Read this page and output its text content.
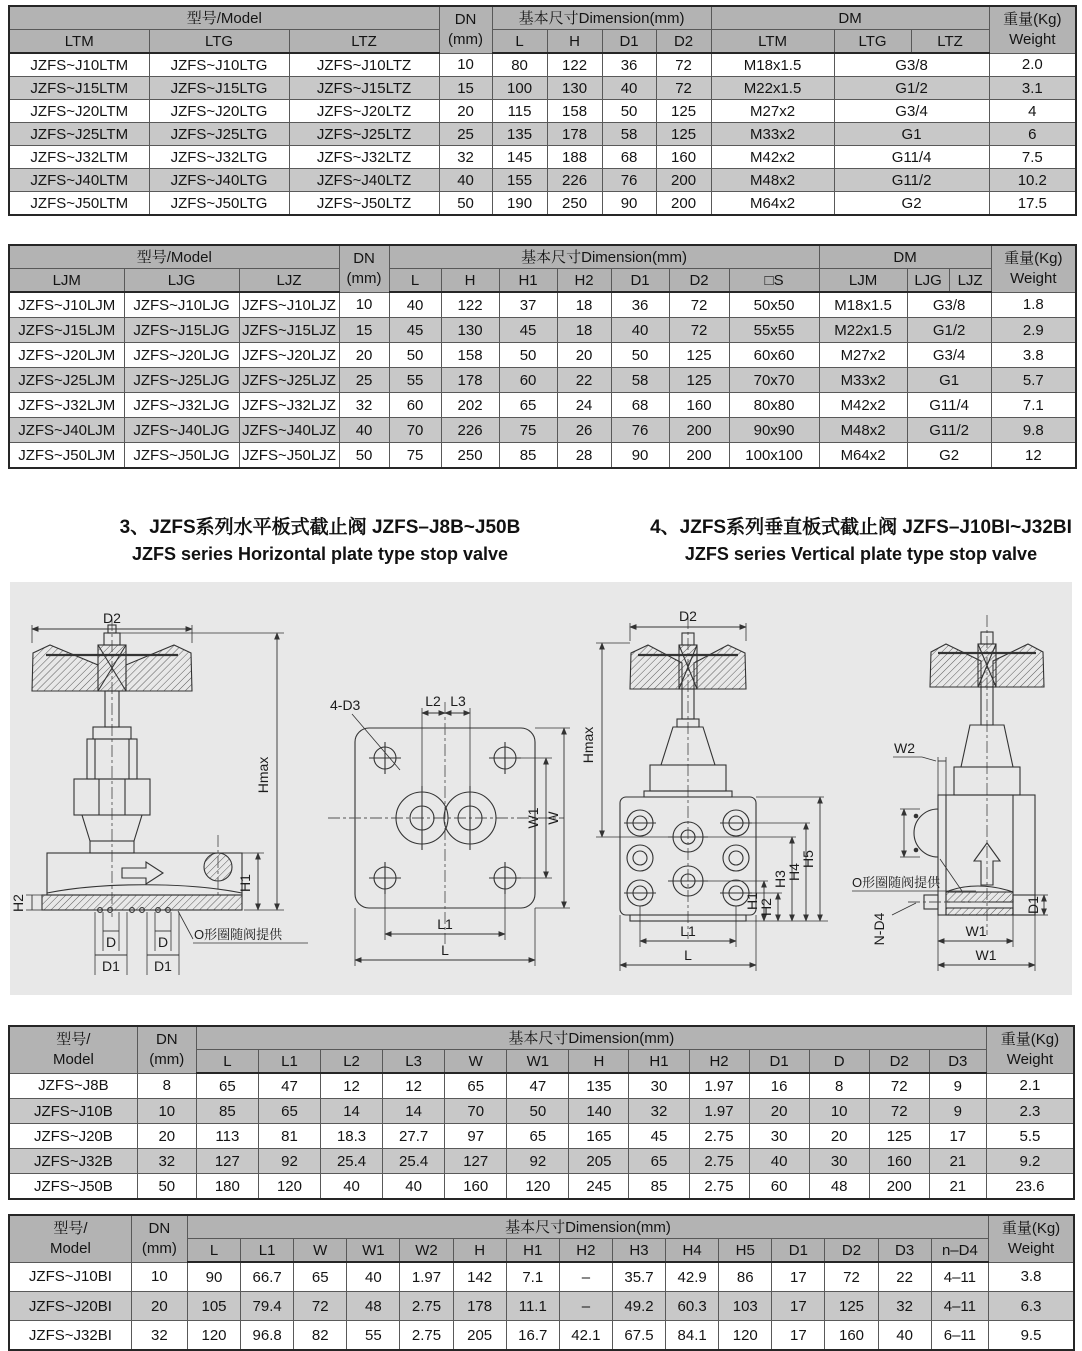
型号/Model	DN
(mm)
	基本尺寸Dimension(mm)	DM	重量(Kg)
Weight

LTM	LTG	LTZ		L	H	D1	D2	LTM	LTG	LTZ	
JZFS~J10LTM	JZFS~J10LTG	JZFS~J10LTZ	10	80	122	36	72	M18x1.5	G3/8		2.0
JZFS~J15LTM	JZFS~J15LTG	JZFS~J15LTZ	15	100	130	40	72	M22x1.5	G1/2		3.1
JZFS~J20LTM	JZFS~J20LTG	JZFS~J20LTZ	20	115	158	50	125	M27x2	G3/4		4
JZFS~J25LTM	JZFS~J25LTG	JZFS~J25LTZ	25	135	178	58	125	M33x2	G1		6
JZFS~J32LTM	JZFS~J32LTG	JZFS~J32LTZ	32	145	188	68	160	M42x2	G11/4		7.5
JZFS~J40LTM	JZFS~J40LTG	JZFS~J40LTZ	40	155	226	76	200	M48x2	G11/2		10.2
JZFS~J50LTM	JZFS~J50LTG	JZFS~J50LTZ	50	190	250	90	200	M64x2	G2		17.5
型号/Model	DN
(mm)
	基本尺寸Dimension(mm)	DM	重量(Kg)
Weight

LJM	LJG	LJZ		L	H	H1	H2	D1	D2	□S	LJM	LJG	LJZ	
JZFS~J10LJM	JZFS~J10LJG	JZFS~J10LJZ	10	40	122	37	18	36	72	50x50	M18x1.5	G3/8		1.8
JZFS~J15LJM	JZFS~J15LJG	JZFS~J15LJZ	15	45	130	45	18	40	72	55x55	M22x1.5	G1/2		2.9
JZFS~J20LJM	JZFS~J20LJG	JZFS~J20LJZ	20	50	158	50	20	50	125	60x60	M27x2	G3/4		3.8
JZFS~J25LJM	JZFS~J25LJG	JZFS~J25LJZ	25	55	178	60	22	58	125	70x70	M33x2	G1		5.7
JZFS~J32LJM	JZFS~J32LJG	JZFS~J32LJZ	32	60	202	65	24	68	160	80x80	M42x2	G11/4		7.1
JZFS~J40LJM	JZFS~J40LJG	JZFS~J40LJZ	40	70	226	75	26	76	200	90x90	M48x2	G11/2		9.8
JZFS~J50LJM	JZFS~J50LJG	JZFS~J50LJZ	50	75	250	85	28	90	200	100x100	M64x2	G2		12
3、JZFS系列水平板式截止阀 JZFS–J8B~J50B
JZFS series Horizontal plate type stop valve
4、JZFS系列垂直板式截止阀 JZFS–J10BI~J32BI
JZFS series Vertical plate type stop valve
D2
Hmax
H1
H2
D
D1
D
D1
O形圈随阀提供
4-D3	L2 L3
W1 W
L1
L
D2
Hmax
H1
H2
H3
H4
H5
L1
L
W2
O形圈随阀提供
D1
N-D4	W1
W1
型号/
Model

DN
(mm)
	基本尺寸Dimension(mm)	重量(Kg)
Weight

		L	L1	L2	L3	W	W1	H	H1	H2	D1	D	D2	D3	
JZFS~J8B	8	65	47	12	12	65	47	135	30	1.97	16	8	72	9	2.1
JZFS~J10B	10	85	65	14	14	70	50	140	32	1.97	20	10	72	9	2.3
JZFS~J20B	20	113	81	18.3	27.7	97	65	165	45	2.75	30	20	125	17	5.5
JZFS~J32B	32	127	92	25.4	25.4	127	92	205	65	2.75	40	30	160	21	9.2
JZFS~J50B	50	180	120	40	40	160	120	245	85	2.75	60	48	200	21	23.6
型号/
Model

DN
(mm)
	基本尺寸Dimension(mm)	重量(Kg)
Weight

		L	L1	W	W1	W2	H	H1	H2	H3	H4	H5	D1	D2	D3	n–D4	
JZFS~J10BI	10	90	66.7	65	40	1.97	142	7.1	–	35.7	42.9	86	17	72	22	4–11	3.8
JZFS~J20BI	20	105	79.4	72	48	2.75	178	11.1	–	49.2	60.3	103	17	125	32	4–11	6.3
JZFS~J32BI	32	120	96.8	82	55	2.75	205	16.7	42.1	67.5	84.1	120	17	160	40	6–11	9.5
